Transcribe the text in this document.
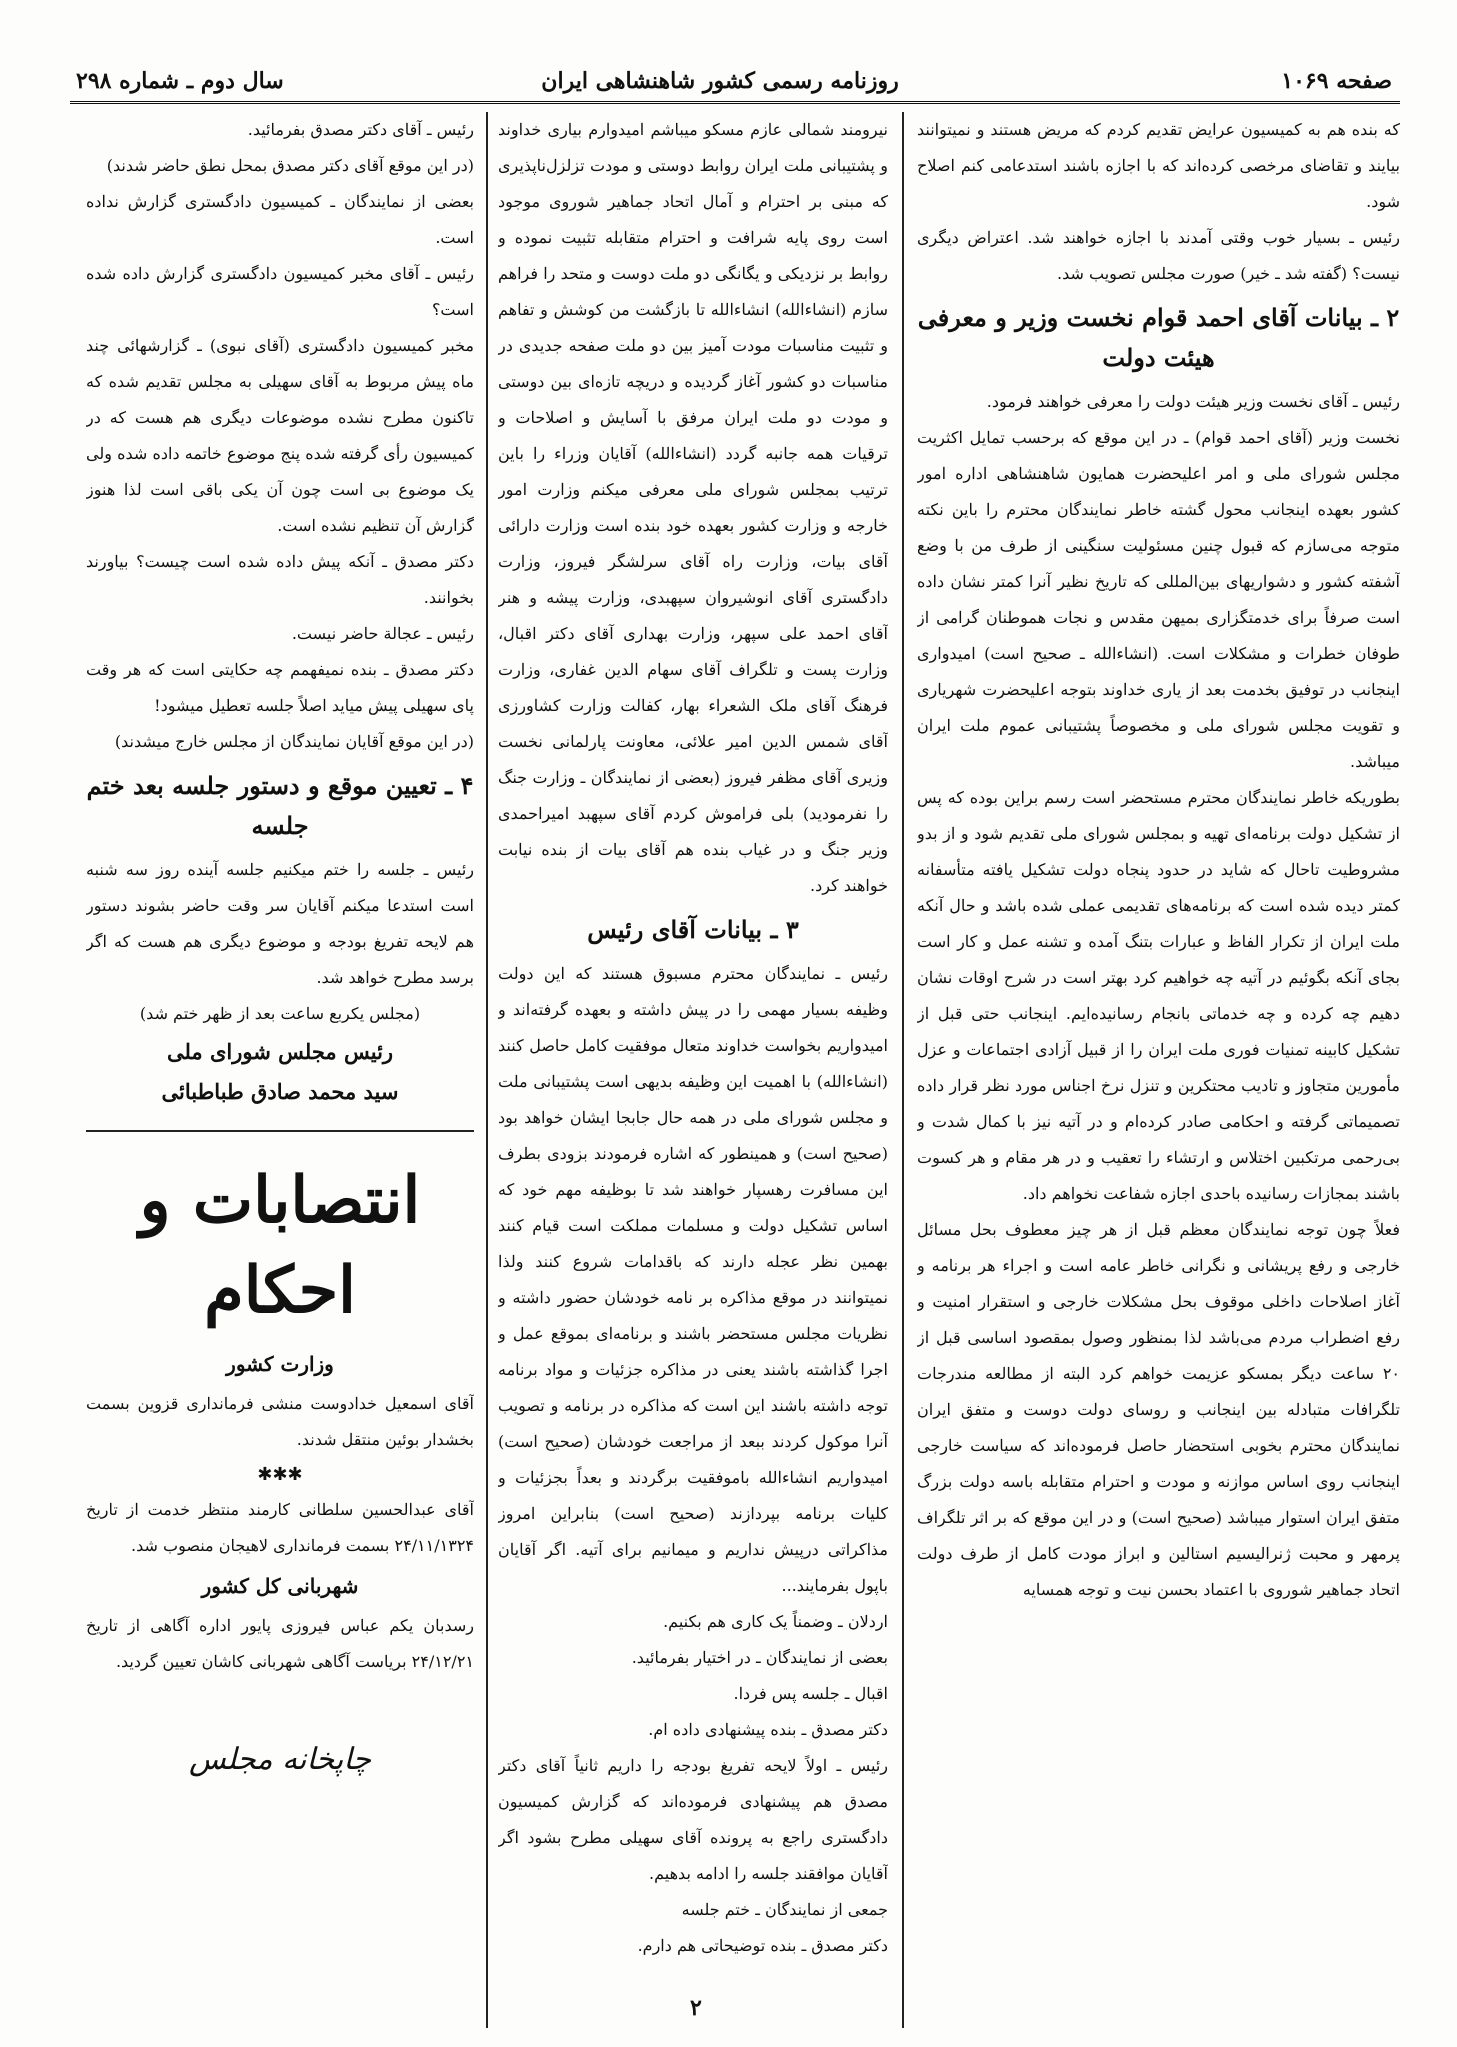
سال دوم ـ شماره ۲۹۸	روزنامه رسمی کشور شاهنشاهی ایران	صفحه ۱۰۶۹

که بنده هم به کمیسیون عرایض تقدیم کردم که مریض هستند و نمیتوانند بیایند و تقاضای مرخصی کرده‌اند که با اجازه باشند استدعامی کنم اصلاح شود.

رئیس ـ بسیار خوب وقتی آمدند با اجازه خواهند شد. اعتراض دیگری نیست؟ (گفته شد ـ خیر) صورت مجلس تصویب شد.

۲ ـ بیانات آقای احمد قوام نخست وزیر و معرفی هیئت دولت

رئیس ـ آقای نخست وزیر هیئت دولت را معرفی خواهند فرمود.

نخست وزیر (آقای احمد قوام) ـ در این موقع که برحسب تمایل اکثریت مجلس شورای ملی و امر اعلیحضرت همایون شاهنشاهی اداره امور کشور بعهده اینجانب محول گشته خاطر نمایندگان محترم را باین نکته متوجه می‌سازم که قبول چنین مسئولیت سنگینی از طرف من با وضع آشفته کشور و دشواریهای بین‌المللی که تاریخ نظیر آنرا کمتر نشان داده است صرفاً برای خدمتگزاری بمیهن مقدس و نجات هموطنان گرامی از طوفان خطرات و مشکلات است. (انشاءالله ـ صحیح است) امیدواری اینجانب در توفیق بخدمت بعد از یاری خداوند بتوجه اعلیحضرت شهریاری و تقویت مجلس شورای ملی و مخصوصاً پشتیبانی عموم ملت ایران میباشد.

بطوریکه خاطر نمایندگان محترم مستحضر است رسم براین بوده که پس از تشکیل دولت برنامه‌ای تهیه و بمجلس شورای ملی تقدیم شود و از بدو مشروطیت تاحال که شاید در حدود پنجاه دولت تشکیل یافته متأسفانه کمتر دیده شده است که برنامه‌های تقدیمی عملی شده باشد و حال آنکه ملت ایران از تکرار الفاظ و عبارات بتنگ آمده و تشنه عمل و کار است بجای آنکه بگوئیم در آتیه چه خواهیم کرد بهتر است در شرح اوقات نشان دهیم چه کرده و چه خدماتی بانجام رسانیده‌ایم. اینجانب حتی قبل از تشکیل کابینه تمنیات فوری ملت ایران را از قبیل آزادی اجتماعات و عزل مأمورین متجاوز و تادیب محتکرین و تنزل نرخ اجناس مورد نظر قرار داده تصمیماتی گرفته و احکامی صادر کرده‌ام و در آتیه نیز با کمال شدت و بی‌رحمی مرتکبین اختلاس و ارتشاء را تعقیب و در هر مقام و هر کسوت باشند بمجازات رسانیده باحدی اجازه شفاعت نخواهم داد.

فعلاً چون توجه نمایندگان معظم قبل از هر چیز معطوف بحل مسائل خارجی و رفع پریشانی و نگرانی خاطر عامه است و اجراء هر برنامه و آغاز اصلاحات داخلی موقوف بحل مشکلات خارجی و استقرار امنیت و رفع اضطراب مردم می‌باشد لذا بمنظور وصول بمقصود اساسی قبل از ۲۰ ساعت دیگر بمسکو عزیمت خواهم کرد البته از مطالعه مندرجات تلگرافات متبادله بین اینجانب و روسای دولت دوست و متفق ایران نمایندگان محترم بخوبی استحضار حاصل فرموده‌اند که سیاست خارجی اینجانب روی اساس موازنه و مودت و احترام متقابله باسه دولت بزرگ متفق ایران استوار میباشد (صحیح است) و در این موقع که بر اثر تلگراف پرمهر و محبت ژنرالیسیم استالین و ابراز مودت کامل از طرف دولت اتحاد جماهیر شوروی با اعتماد بحسن نیت و توجه همسایه

نیرومند شمالی عازم مسکو میباشم امیدوارم بیاری خداوند و پشتیبانی ملت ایران روابط دوستی و مودت تزلزل‌ناپذیری که مبنی بر احترام و آمال اتحاد جماهیر شوروی موجود است روی پایه شرافت و احترام متقابله تثبیت نموده و روابط بر نزدیکی و یگانگی دو ملت دوست و متحد را فراهم سازم (انشاءالله) انشاءالله تا بازگشت من کوشش و تفاهم و تثبیت مناسبات مودت آمیز بین دو ملت صفحه جدیدی در مناسبات دو کشور آغاز گردیده و دریچه تازه‌ای بین دوستی و مودت دو ملت ایران مرفق با آسایش و اصلاحات و ترقیات همه جانبه گردد (انشاءالله) آقایان وزراء را باین ترتیب بمجلس شورای ملی معرفی میکنم وزارت امور خارجه و وزارت کشور بعهده خود بنده است وزارت دارائی آقای بیات، وزارت راه آقای سرلشگر فیروز، وزارت دادگستری آقای انوشیروان سپهبدی، وزارت پیشه و هنر آقای احمد علی سپهر، وزارت بهداری آقای دکتر اقبال، وزارت پست و تلگراف آقای سهام الدین غفاری، وزارت فرهنگ آقای ملک الشعراء بهار، کفالت وزارت کشاورزی آقای شمس الدین امیر علائی، معاونت پارلمانی نخست وزیری آقای مظفر فیروز (بعضی از نمایندگان ـ وزارت جنگ را نفرمودید) بلی فراموش کردم آقای سپهبد امیراحمدی وزیر جنگ و در غیاب بنده هم آقای بیات از بنده نیابت خواهند کرد.

۳ ـ بیانات آقای رئیس

رئیس ـ نمایندگان محترم مسبوق هستند که این دولت وظیفه بسیار مهمی را در پیش داشته و بعهده گرفته‌اند و امیدواریم بخواست خداوند متعال موفقیت کامل حاصل کنند (انشاءالله) با اهمیت این وظیفه بدیهی است پشتیبانی ملت و مجلس شورای ملی در همه حال جابجا ایشان خواهد بود (صحیح است) و همینطور که اشاره فرمودند بزودی بطرف این مسافرت رهسپار خواهند شد تا بوظیفه مهم خود که اساس تشکیل دولت و مسلمات مملکت است قیام کنند بهمین نظر عجله دارند که باقدامات شروع کنند ولذا نمیتوانند در موقع مذاکره بر نامه خودشان حضور داشته و نظریات مجلس مستحضر باشند و برنامه‌ای بموقع عمل و اجرا گذاشته باشند یعنی در مذاکره جزئیات و مواد برنامه توجه داشته باشند این است که مذاکره در برنامه و تصویب آنرا موکول کردند ببعد از مراجعت خودشان (صحیح است) امیدواریم انشاءالله باموفقیت برگردند و بعداً بجزئیات و کلیات برنامه بپردازند (صحیح است) بنابراین امروز مذاکراتی درپیش نداریم و میمانیم برای آتیه. اگر آقایان باپول بفرمایند...

اردلان ـ وضمناً یک کاری هم بکنیم.

بعضی از نمایندگان ـ در اختیار بفرمائید.

اقبال ـ جلسه پس فردا.

دکتر مصدق ـ بنده پیشنهادی داده ام.

رئیس ـ اولاً لایحه تفریغ بودجه را داریم ثانیاً آقای دکتر مصدق هم پیشنهادی فرموده‌اند که گزارش کمیسیون دادگستری راجع به پرونده آقای سهیلی مطرح بشود اگر آقایان موافقند جلسه را ادامه بدهیم.

جمعی از نمایندگان ـ ختم جلسه

دکتر مصدق ـ بنده توضیحاتی هم دارم.

رئیس ـ آقای دکتر مصدق بفرمائید.

(در این موقع آقای دکتر مصدق بمحل نطق حاضر شدند)

بعضی از نمایندگان ـ کمیسیون دادگستری گزارش نداده است.

رئیس ـ آقای مخبر کمیسیون دادگستری گزارش داده شده است؟

مخبر کمیسیون دادگستری (آقای نبوی) ـ گزارشهائی چند ماه پیش مربوط به آقای سهیلی به مجلس تقدیم شده که تاکنون مطرح نشده موضوعات دیگری هم هست که در کمیسیون رأی گرفته شده پنج موضوع خاتمه داده شده ولی یک موضوع بی است چون آن یکی باقی است لذا هنوز گزارش آن تنظیم نشده است.

دکتر مصدق ـ آنکه پیش داده شده است چیست؟ بیاورند بخوانند.

رئیس ـ عجالة حاضر نیست.

دکتر مصدق ـ بنده نمیفهمم چه حکایتی است که هر وقت پای سهیلی پیش میاید اصلاً جلسه تعطیل میشود!

(در این موقع آقایان نمایندگان از مجلس خارج میشدند)

۴ ـ تعیین موقع و دستور جلسه بعد ختم جلسه

رئیس ـ جلسه را ختم میکنیم جلسه آینده روز سه شنبه است استدعا میکنم آقایان سر وقت حاضر بشوند دستور هم لایحه تفریغ بودجه و موضوع دیگری هم هست که اگر برسد مطرح خواهد شد.

(مجلس یکربع ساعت بعد از ظهر ختم شد)

رئیس مجلس شورای ملی
سید محمد صادق طباطبائی
انتصابات و احکام
وزارت کشور

آقای اسمعیل خدادوست منشی فرمانداری قزوین بسمت بخشدار بوئین منتقل شدند.

✱✱✱

آقای عبدالحسین سلطانی کارمند منتظر خدمت از تاریخ ۲۴/۱۱/۱۳۲۴ بسمت فرمانداری لاهیجان منصوب شد.

شهربانی کل کشور

رسدبان یکم عباس فیروزی پایور اداره آگاهی از تاریخ ۲۴/۱۲/۲۱ بریاست آگاهی شهربانی کاشان تعیین گردید.

چاپخانه مجلس
۲
